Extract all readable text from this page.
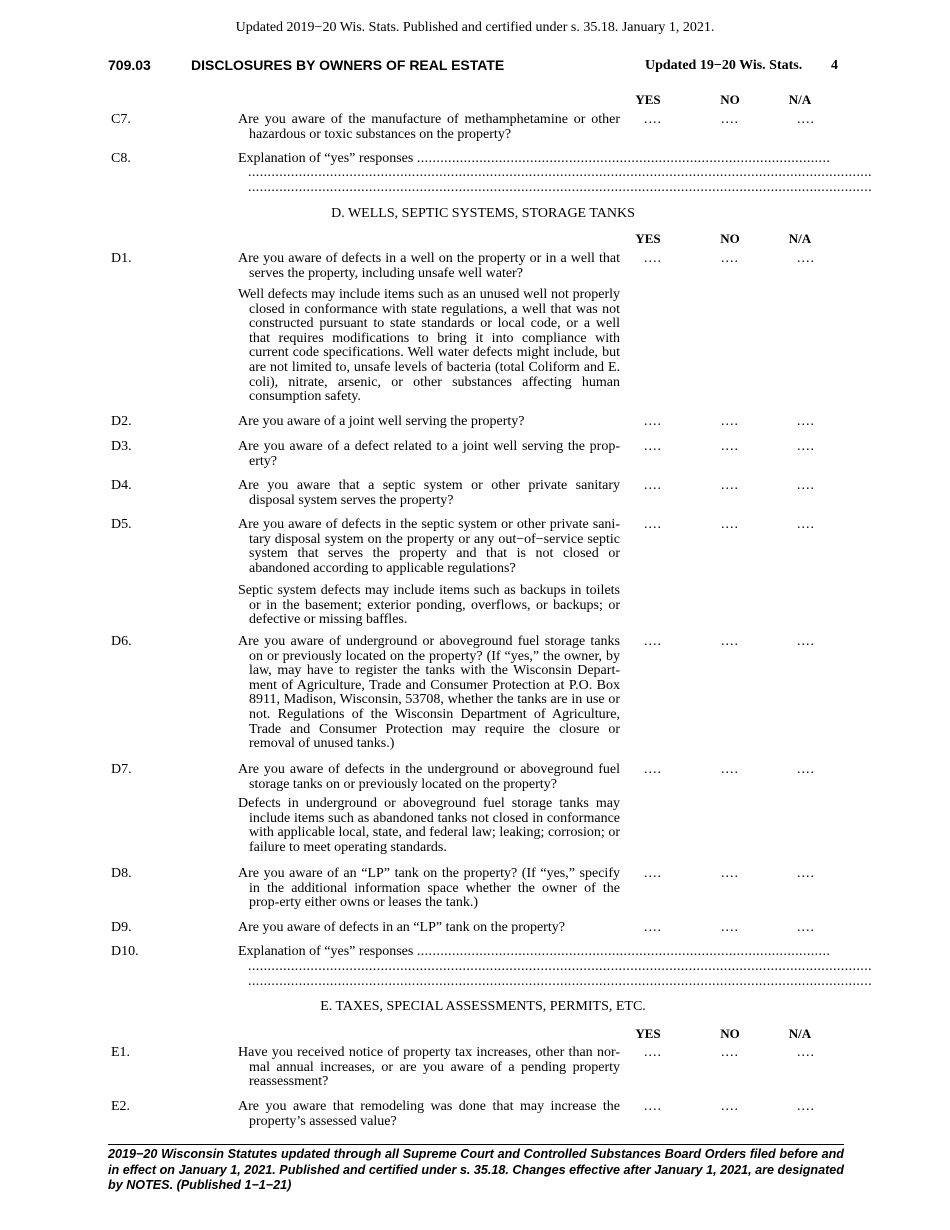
Updated 2019−20 Wis. Stats. Published and certified under s. 35.18. January 1, 2021.
709.03	DISCLOSURES BY OWNERS OF REAL ESTATE	Updated 19−20 Wis. Stats. 4
YES	NO	N/A
C7.	Are you aware of the manufacture of methamphetamine or other hazardous or toxic substances on the property?
....	....	....
C8.	Explanation of “yes” responses ..........................................................................................................
................................................................................................................................................................
................................................................................................................................................................
D. WELLS, SEPTIC SYSTEMS, STORAGE TANKS
YES	NO	N/A
D1.	Are you aware of defects in a well on the property or in a well that serves the property, including unsafe well water?
....	....	....
Well defects may include items such as an unused well not properly closed in conformance with state regulations, a well that was not constructed pursuant to state standards or local code, or a well that requires modifications to bring it into compliance with current code specifications. Well water defects might include, but are not limited to, unsafe levels of bacteria (total Coliform and E. coli), nitrate, arsenic, or other substances affecting human consumption safety.
D2.	Are you aware of a joint well serving the property?	....	....	....
D3.	Are you aware of a defect related to a joint well serving the prop-erty?
....	....	....
D4.	Are you aware that a septic system or other private sanitary disposal system serves the property?
....	....	....
D5.	Are you aware of defects in the septic system or other private sani-tary disposal system on the property or any out−of−service septic system that serves the property and that is not closed or abandoned according to applicable regulations?
....	....	....
Septic system defects may include items such as backups in toilets or in the basement; exterior ponding, overflows, or backups; or defective or missing baffles.
D6.	Are you aware of underground or aboveground fuel storage tanks on or previously located on the property? (If “yes,” the owner, by law, may have to register the tanks with the Wisconsin Depart-ment of Agriculture, Trade and Consumer Protection at P.O. Box 8911, Madison, Wisconsin, 53708, whether the tanks are in use or not. Regulations of the Wisconsin Department of Agriculture, Trade and Consumer Protection may require the closure or removal of unused tanks.)
....	....	....
D7.	Are you aware of defects in the underground or aboveground fuel storage tanks on or previously located on the property?
....	....	....
Defects in underground or aboveground fuel storage tanks may include items such as abandoned tanks not closed in conformance with applicable local, state, and federal law; leaking; corrosion; or failure to meet operating standards.
D8.	Are you aware of an “LP” tank on the property? (If “yes,” specify in the additional information space whether the owner of the prop-erty either owns or leases the tank.)
....	....	....
D9.	Are you aware of defects in an “LP” tank on the property?	....	....	....
D10.	Explanation of “yes” responses ..........................................................................................................
................................................................................................................................................................
................................................................................................................................................................
E. TAXES, SPECIAL ASSESSMENTS, PERMITS, ETC.
YES	NO	N/A
E1.	Have you received notice of property tax increases, other than nor-mal annual increases, or are you aware of a pending property reassessment?
....	....	....
E2.	Are you aware that remodeling was done that may increase the property’s assessed value?
....	....	....
2019−20 Wisconsin Statutes updated through all Supreme Court and Controlled Substances Board Orders filed before and in effect on January 1, 2021. Published and certified under s. 35.18. Changes effective after January 1, 2021, are designated by NOTES. (Published 1−1−21)
